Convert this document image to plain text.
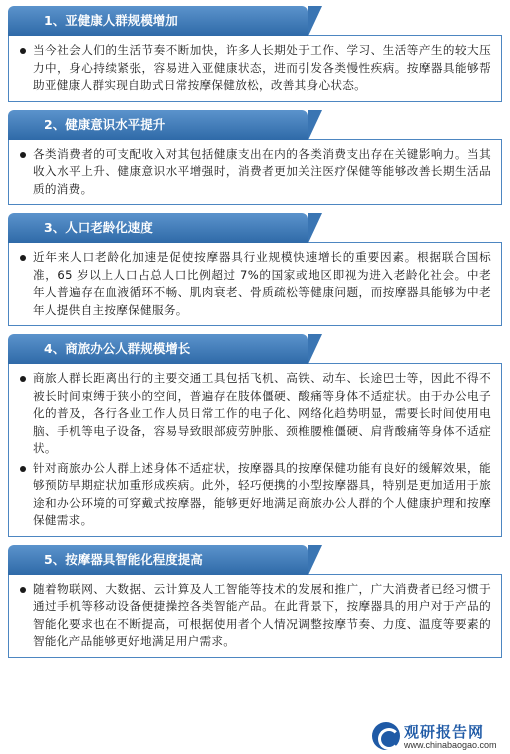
1、亚健康人群规模增加

当今社会人们的生活节奏不断加快，许多人长期处于工作、学习、生活等产生的较大压力中，身心持续紧张，容易进入亚健康状态，进而引发各类慢性疾病。按摩器具能够帮助亚健康人群实现自助式日常按摩保健放松，改善其身心状态。

2、健康意识水平提升

各类消费者的可支配收入对其包括健康支出在内的各类消费支出存在关键影响力。当其收入水平上升、健康意识水平增强时，消费者更加关注医疗保健等能够改善长期生活品质的消费。

3、人口老龄化速度

近年来人口老龄化加速是促使按摩器具行业规模快速增长的重要因素。根据联合国标准，65 岁以上人口占总人口比例超过 7%的国家或地区即视为进入老龄化社会。中老年人普遍存在血液循环不畅、肌肉衰老、骨质疏松等健康问题，而按摩器具能够为中老年人提供自主按摩保健服务。

4、商旅办公人群规模增长

商旅人群长距离出行的主要交通工具包括飞机、高铁、动车、长途巴士等，因此不得不被长时间束缚于狭小的空间，普遍存在肢体僵硬、酸痛等身体不适症状。由于办公电子化的普及，各行各业工作人员日常工作的电子化、网络化趋势明显，需要长时间使用电脑、手机等电子设备，容易导致眼部疲劳肿胀、颈椎腰椎僵硬、肩背酸痛等身体不适症状。

针对商旅办公人群上述身体不适症状，按摩器具的按摩保健功能有良好的缓解效果，能够预防早期症状加重形成疾病。此外，轻巧便携的小型按摩器具，特别是更加适用于旅途和办公环境的可穿戴式按摩器，能够更好地满足商旅办公人群的个人健康护理和按摩保健需求。

5、按摩器具智能化程度提高

随着物联网、大数据、云计算及人工智能等技术的发展和推广，广大消费者已经习惯于通过手机等移动设备便捷操控各类智能产品。在此背景下，按摩器具的用户对于产品的智能化要求也在不断提高，可根据使用者个人情况调整按摩节奏、力度、温度等要素的智能化产品能够更好地满足用户需求。

观研报告网
www.chinabaogao.com
